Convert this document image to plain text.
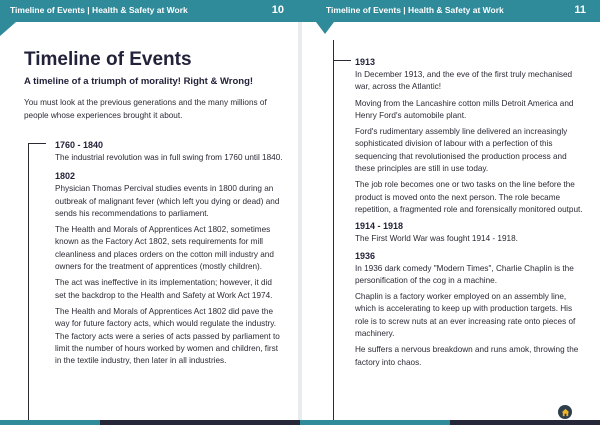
Timeline of Events | Health & Safety at Work	10
Timeline of Events
A timeline of a triumph of morality! Right & Wrong!
You must look at the previous generations and the many millions of people whose experiences brought it about.
1760 - 1840

The industrial revolution was in full swing from 1760 until 1840.

1802

Physician Thomas Percival studies events in 1800 during an outbreak of malignant fever (which left you dying or dead) and sends his recommendations to parliament.

The Health and Morals of Apprentices Act 1802, sometimes known as the Factory Act 1802, sets requirements for mill cleanliness and places orders on the cotton mill industry and owners for the treatment of apprentices (mostly children).

The act was ineffective in its implementation; however, it did set the backdrop to the Health and Safety at Work Act 1974.

The Health and Morals of Apprentices Act 1802 did pave the way for future factory acts, which would regulate the industry. The factory acts were a series of acts passed by parliament to limit the number of hours worked by women and children, first in the textile industry, then later in all industries.

Timeline of Events | Health & Safety at Work	11
1913

In December 1913, and the eve of the first truly mechanised war, across the Atlantic!

Moving from the Lancashire cotton mills Detroit America and Henry Ford's automobile plant.

Ford's rudimentary assembly line delivered an increasingly sophisticated division of labour with a perfection of this sequencing that revolutionised the production process and these principles are still in use today.

The job role becomes one or two tasks on the line before the product is moved onto the next person. The role became repetition, a fragmented role and forensically monitored output.

1914 - 1918

The First World War was fought 1914 - 1918.

1936

In 1936 dark comedy "Modern Times", Charlie Chaplin is the personification of the cog in a machine.

Chaplin is a factory worker employed on an assembly line, which is accelerating to keep up with production targets. His role is to screw nuts at an ever increasing rate onto pieces of machinery.

He suffers a nervous breakdown and runs amok, throwing the factory into chaos.
